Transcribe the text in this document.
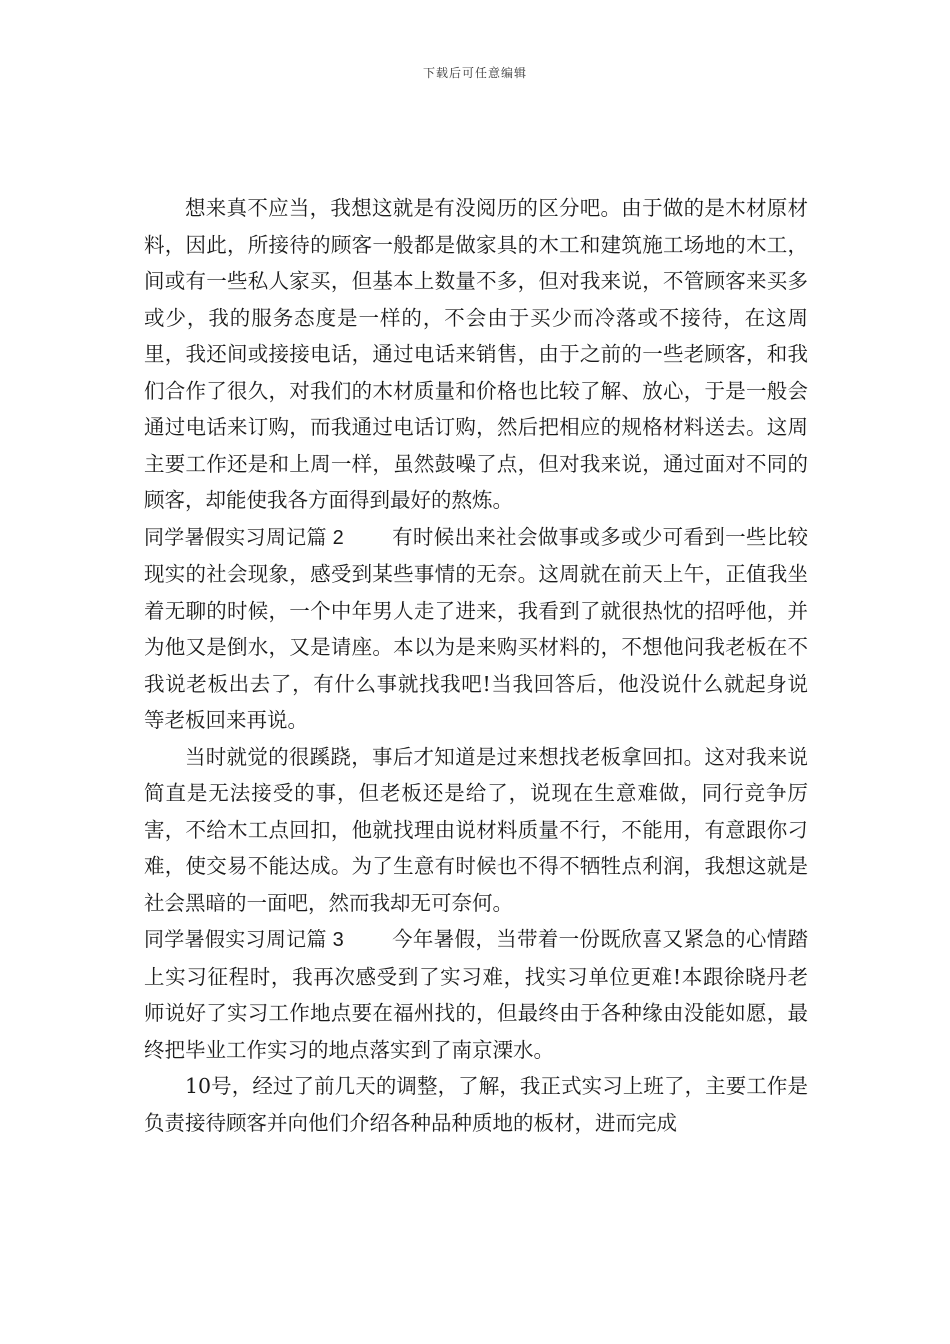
下载后可任意编辑

想来真不应当，我想这就是有没阅历的区分吧。由于做的是木材原材料，因此，所接待的顾客一般都是做家具的木工和建筑施工场地的木工，间或有一些私人家买，但基本上数量不多，但对我来说，不管顾客来买多或少，我的服务态度是一样的，不会由于买少而冷落或不接待，在这周里，我还间或接接电话，通过电话来销售，由于之前的一些老顾客，和我们合作了很久，对我们的木材质量和价格也比较了解、放心，于是一般会通过电话来订购，而我通过电话订购，然后把相应的规格材料送去。这周主要工作还是和上周一样，虽然鼓噪了点，但对我来说，通过面对不同的顾客，却能使我各方面得到最好的熬炼。

同学暑假实习周记篇 2 有时候出来社会做事或多或少可看到一些比较现实的社会现象，感受到某些事情的无奈。这周就在前天上午，正值我坐着无聊的时候，一个中年男人走了进来，我看到了就很热忱的招呼他，并为他又是倒水，又是请座。本以为是来购买材料的，不想他问我老板在不我说老板出去了，有什么事就找我吧!当我回答后，他没说什么就起身说等老板回来再说。

当时就觉的很蹊跷，事后才知道是过来想找老板拿回扣。这对我来说简直是无法接受的事，但老板还是给了，说现在生意难做，同行竞争厉害，不给木工点回扣，他就找理由说材料质量不行，不能用，有意跟你刁难，使交易不能达成。为了生意有时候也不得不牺牲点利润，我想这就是社会黑暗的一面吧，然而我却无可奈何。

同学暑假实习周记篇 3 今年暑假，当带着一份既欣喜又紧急的心情踏上实习征程时，我再次感受到了实习难，找实习单位更难!本跟徐晓丹老师说好了实习工作地点要在福州找的，但最终由于各种缘由没能如愿，最终把毕业工作实习的地点落实到了南京溧水。

10号，经过了前几天的调整，了解，我正式实习上班了，主要工作是负责接待顾客并向他们介绍各种品种质地的板材，进而完成
